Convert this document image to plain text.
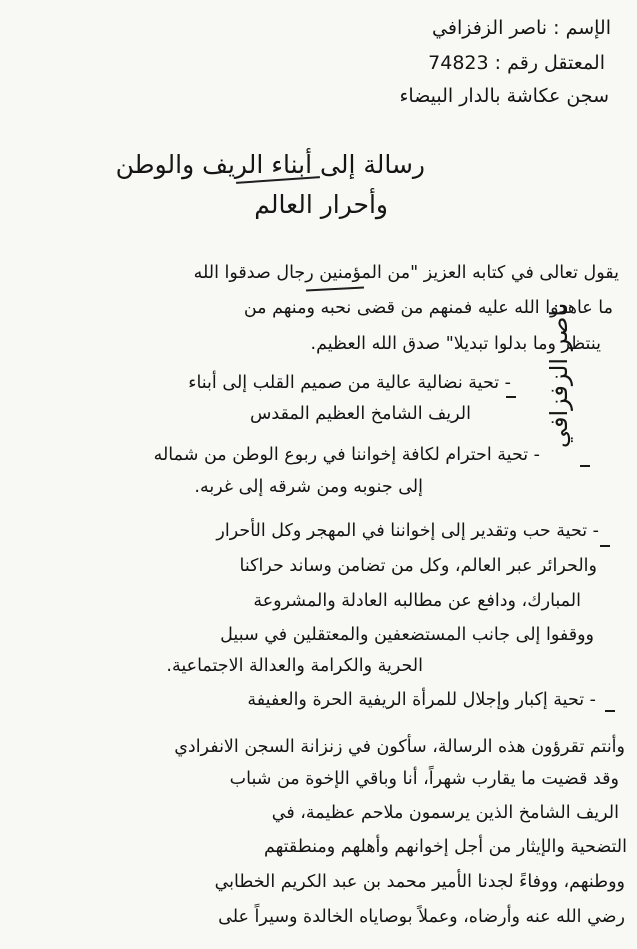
الإسم : ناصر الزفزافي
المعتقل رقم : 74823
سجن عكاشة بالدار البيضاء
رسالة إلى أبناء الريف والوطن
وأحرار العالم
يقول تعالى في كتابه العزيز "من المؤمنين رجال صدقوا الله
ما عاهدوا الله عليه فمنهم من قضى نحبه ومنهم من
ينتظر وما بدلوا تبديلا" صدق الله العظيم.
- تحية نضالية عالية من صميم القلب إلى أبناء
الريف الشامخ العظيم المقدس
- تحية احترام لكافة إخواننا في ربوع الوطن من شماله
إلى جنوبه ومن شرقه إلى غربه.
- تحية حب وتقدير إلى إخواننا في المهجر وكل الأحرار
والحرائر عبر العالم، وكل من تضامن وساند حراكنا
المبارك، ودافع عن مطالبه العادلة والمشروعة
ووقفوا إلى جانب المستضعفين والمعتقلين في سبيل
الحرية والكرامة والعدالة الاجتماعية.
- تحية إكبار وإجلال للمرأة الريفية الحرة والعفيفة
وأنتم تقرؤون هذه الرسالة، سأكون في زنزانة السجن الانفرادي
وقد قضيت ما يقارب شهراً، أنا وباقي الإخوة من شباب
الريف الشامخ الذين يرسمون ملاحم عظيمة، في
التضحية والإيثار من أجل إخوانهم وأهلهم ومنطقتهم
ووطنهم، ووفاءً لجدنا الأمير محمد بن عبد الكريم الخطابي
رضي الله عنه وأرضاه، وعملاً بوصاياه الخالدة وسيراً على
ناصر الزفزافي
